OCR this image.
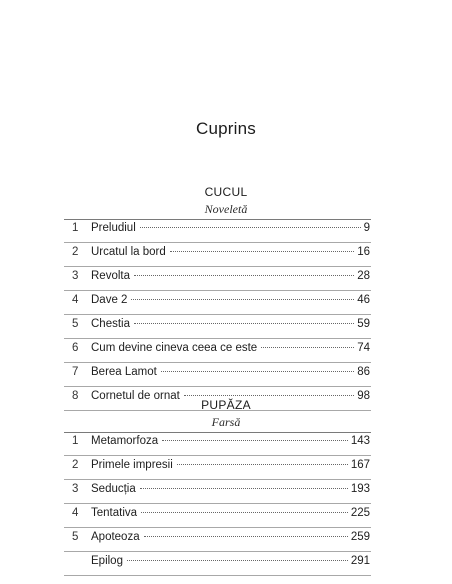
Cuprins
CUCUL
Noveletă
1	Preludiul	9
2	Urcatul la bord	16
3	Revolta	28
4	Dave 2	46
5	Chestia	59
6	Cum devine cineva ceea ce este	74
7	Berea Lamot	86
8	Cornetul de ornat	98
PUPĂZA
Farsă
1	Metamorfoza	143
2	Primele impresii	167
3	Seducția	193
4	Tentativa	225
5	Apoteoza	259
Epilog	291
